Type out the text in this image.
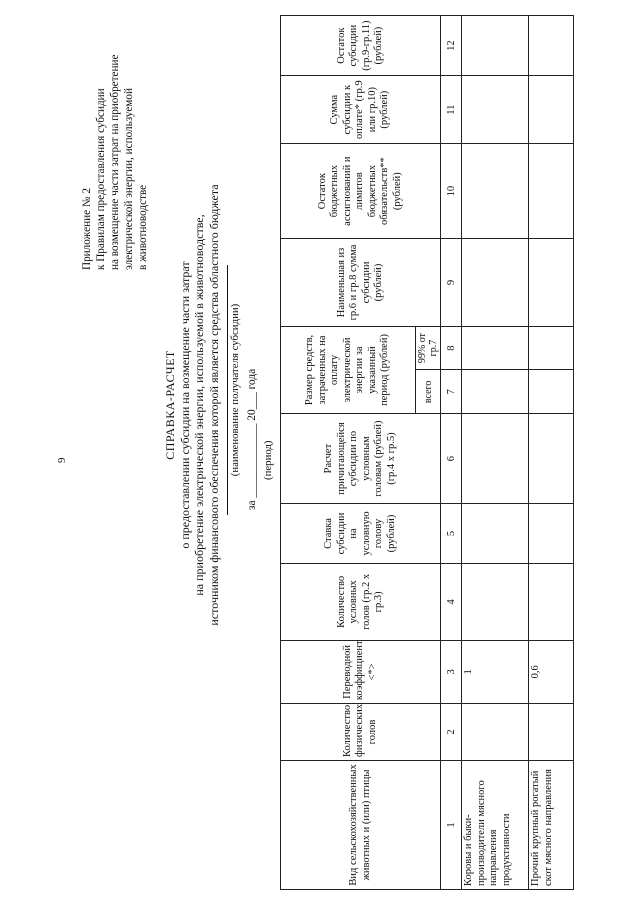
9
Приложение № 2 к Правилам предоставления субсидии на возмещение части затрат на приобретение электрической энергии, используемой в животноводстве
СПРАВКА-РАСЧЕТ о предоставлении субсидии на возмещение части затрат на приобретение электрической энергии, используемой в животноводстве, источником финансового обеспечения которой является средства областного бюджета (наименование получателя субсидии) за _____________ 20___ года (период)
Вид сельскохозяйственных животных и (или) птицы	Количество физических голов	Переводной коэффициент <*>	Количество условных голов (гр.2 х гр.3)	Ставка субсидии на условную голову (рублей)	Расчет причитающейся субсидии по условным головам (рублей) (гр.4 х гр.5)	Размер средств, затраченных на оплату электрической энергии за указанный период (рублей)		Наименьшая из гр.6 и гр.8 сумма субсидии (рублей)	Остаток бюджетных ассигнований и лимитов бюджетных обязательств** (рублей)	Сумма субсидии к оплате* (гр.9 или гр.10) (рублей)	Остаток субсидии (гр.9-гр.11) (рублей)
						всего	99% от гр.7				
1	2	3	4	5	6	7	8	9	10	11	12
Коровы и быки-производители мясного направления продуктивности		1									
Прочий крупный рогатый скот мясного направления		0,6									
